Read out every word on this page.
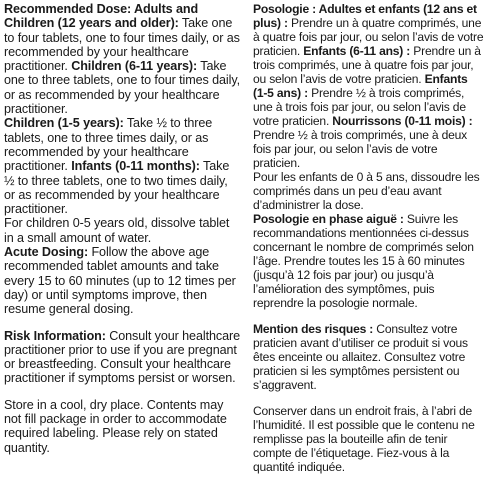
Recommended Dose: Adults and Children (12 years and older): Take one to four tablets, one to four times daily, or as recommended by your healthcare practitioner. Children (6-11 years): Take one to three tablets, one to four times daily, or as recommended by your healthcare practitioner.

Children (1-5 years): Take ½ to three tablets, one to three times daily, or as recommended by your healthcare practitioner. Infants (0-11 months): Take ½ to three tablets, one to two times daily, or as recommended by your healthcare practitioner.

For children 0-5 years old, dissolve tablet in a small amount of water.

Acute Dosing: Follow the above age recommended tablet amounts and take every 15 to 60 minutes (up to 12 times per day) or until symptoms improve, then resume general dosing.

Risk Information: Consult your healthcare practitioner prior to use if you are pregnant or breastfeeding. Consult your healthcare practitioner if symptoms persist or worsen.

Store in a cool, dry place. Contents may not fill package in order to accommodate required labeling. Please rely on stated quantity.

Posologie : Adultes et enfants (12 ans et plus) : Prendre un à quatre comprimés, une à quatre fois par jour, ou selon l’avis de votre praticien. Enfants (6-11 ans) : Prendre un à trois comprimés, une à quatre fois par jour, ou selon l’avis de votre praticien. Enfants (1-5 ans) : Prendre ½ à trois comprimés, une à trois fois par jour, ou selon l’avis de votre praticien. Nourrissons (0-11 mois) : Prendre ½ à trois comprimés, une à deux fois par jour, ou selon l’avis de votre praticien.

Pour les enfants de 0 à 5 ans, dissoudre les comprimés dans un peu d’eau avant d’administrer la dose.

Posologie en phase aiguë : Suivre les recommandations mentionnées ci-dessus concernant le nombre de comprimés selon l’âge. Prendre toutes les 15 à 60 minutes (jusqu’à 12 fois par jour) ou jusqu’à l’amélioration des symptômes, puis reprendre la posologie normale.

Mention des risques : Consultez votre praticien avant d’utiliser ce produit si vous êtes enceinte ou allaitez. Consultez votre praticien si les symptômes persistent ou s’aggravent.

Conserver dans un endroit frais, à l’abri de l’humidité. Il est possible que le contenu ne remplisse pas la bouteille afin de tenir compte de l’étiquetage. Fiez-vous à la quantité indiquée.
